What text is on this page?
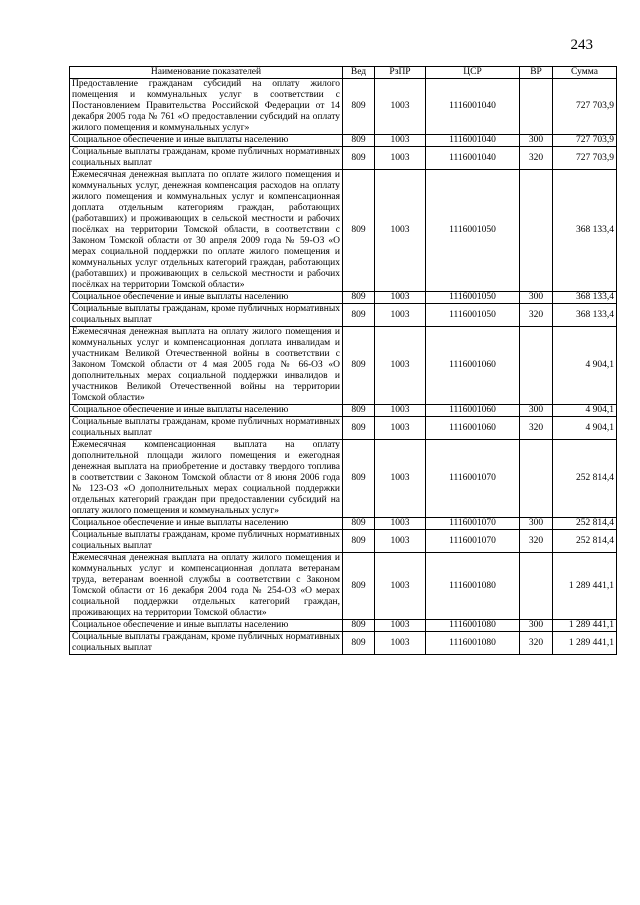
243
Наименование показателей	Вед	РзПР	ЦСР	ВР	Сумма
Предоставление гражданам субсидий на оплату жилого помещения и коммунальных услуг в соответствии с Постановлением Правительства Российской Федерации от 14 декабря 2005 года № 761 «О предоставлении субсидий на оплату жилого помещения и коммунальных услуг»	809	1003	1116001040		727 703,9
Социальное обеспечение и иные выплаты населению	809	1003	1116001040	300	727 703,9
Социальные выплаты гражданам, кроме публичных нормативных социальных выплат	809	1003	1116001040	320	727 703,9
Ежемесячная денежная выплата по оплате жилого помещения и коммунальных услуг, денежная компенсация расходов на оплату жилого помещения и коммунальных услуг и компенсационная доплата отдельным категориям граждан, работающих (работавших) и проживающих в сельской местности и рабочих посёлках на территории Томской области, в соответствии с Законом Томской области от 30 апреля 2009 года № 59-ОЗ «О мерах социальной поддержки по оплате жилого помещения и коммунальных услуг отдельных категорий граждан, работающих (работавших) и проживающих в сельской местности и рабочих посёлках на территории Томской области»	809	1003	1116001050		368 133,4
Социальное обеспечение и иные выплаты населению	809	1003	1116001050	300	368 133,4
Социальные выплаты гражданам, кроме публичных нормативных социальных выплат	809	1003	1116001050	320	368 133,4
Ежемесячная денежная выплата на оплату жилого помещения и коммунальных услуг и компенсационная доплата инвалидам и участникам Великой Отечественной войны в соответствии с Законом Томской области от 4 мая 2005 года № 66-ОЗ «О дополнительных мерах социальной поддержки инвалидов и участников Великой Отечественной войны на территории Томской области»	809	1003	1116001060		4 904,1
Социальное обеспечение и иные выплаты населению	809	1003	1116001060	300	4 904,1
Социальные выплаты гражданам, кроме публичных нормативных социальных выплат	809	1003	1116001060	320	4 904,1
Ежемесячная компенсационная выплата на оплату дополнительной площади жилого помещения и ежегодная денежная выплата на приобретение и доставку твердого топлива в соответствии с Законом Томской области от 8 июня 2006 года № 123-ОЗ «О дополнительных мерах социальной поддержки отдельных категорий граждан при предоставлении субсидий на оплату жилого помещения и коммунальных услуг»	809	1003	1116001070		252 814,4
Социальное обеспечение и иные выплаты населению	809	1003	1116001070	300	252 814,4
Социальные выплаты гражданам, кроме публичных нормативных социальных выплат	809	1003	1116001070	320	252 814,4
Ежемесячная денежная выплата на оплату жилого помещения и коммунальных услуг и компенсационная доплата ветеранам труда, ветеранам военной службы в соответствии с Законом Томской области от 16 декабря 2004 года № 254-ОЗ «О мерах социальной поддержки отдельных категорий граждан, проживающих на территории Томской области»	809	1003	1116001080		1 289 441,1
Социальное обеспечение и иные выплаты населению	809	1003	1116001080	300	1 289 441,1
Социальные выплаты гражданам, кроме публичных нормативных социальных выплат	809	1003	1116001080	320	1 289 441,1
